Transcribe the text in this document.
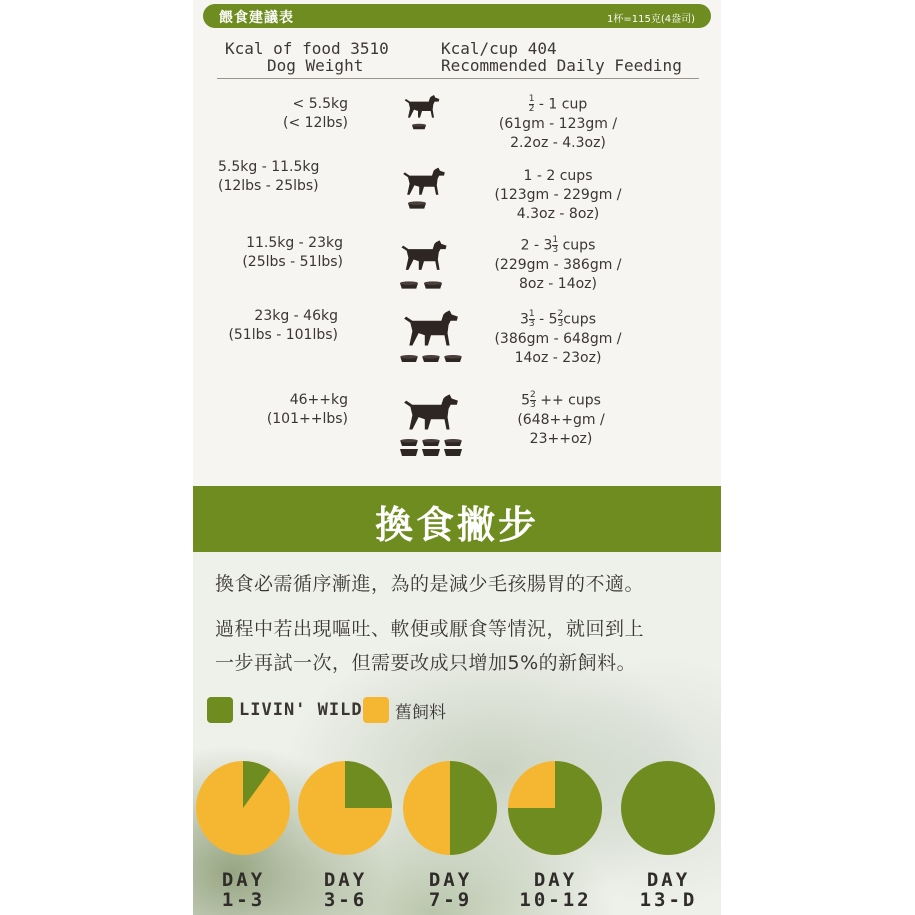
餵食建議表	1杯=115克(4盎司)
Kcal of food 3510
Dog Weight
Kcal/cup 404
Recommended Daily Feeding
< 5.5kg
(< 12lbs)
$\frac{1}{2} - 1$ cup
(61gm - 123gm /
2.2oz - 4.3oz)
5.5kg - 11.5kg
(12lbs - 25lbs)
1 - 2 cups
(123gm - 229gm /
4.3oz - 8oz)
11.5kg - 23kg
(25lbs - 51lbs)
$2 - 3 \frac{1}{3}$ cups
(229gm - 386gm /
8oz - 14oz)
23kg - 46kg
(51lbs - 101lbs)
$3 \frac{1}{3} - 5 \frac{2}{3}$ cups
(386gm - 648gm /
14oz - 23oz)
46++kg
(101++lbs)
$5 \frac{2}{3}$ ++ cups
(648++gm /
23++oz)
換食撇步
換食必需循序漸進，為的是減少毛孩腸胃的不適。
過程中若出現嘔吐、軟便或厭食等情況，就回到上
一步再試一次，但需要改成只增加5%的新飼料。
LIVIN' WILD 舊飼料
DAY
1-3
DAY
3-6
DAY
7-9
DAY
10-12
DAY
13-D
